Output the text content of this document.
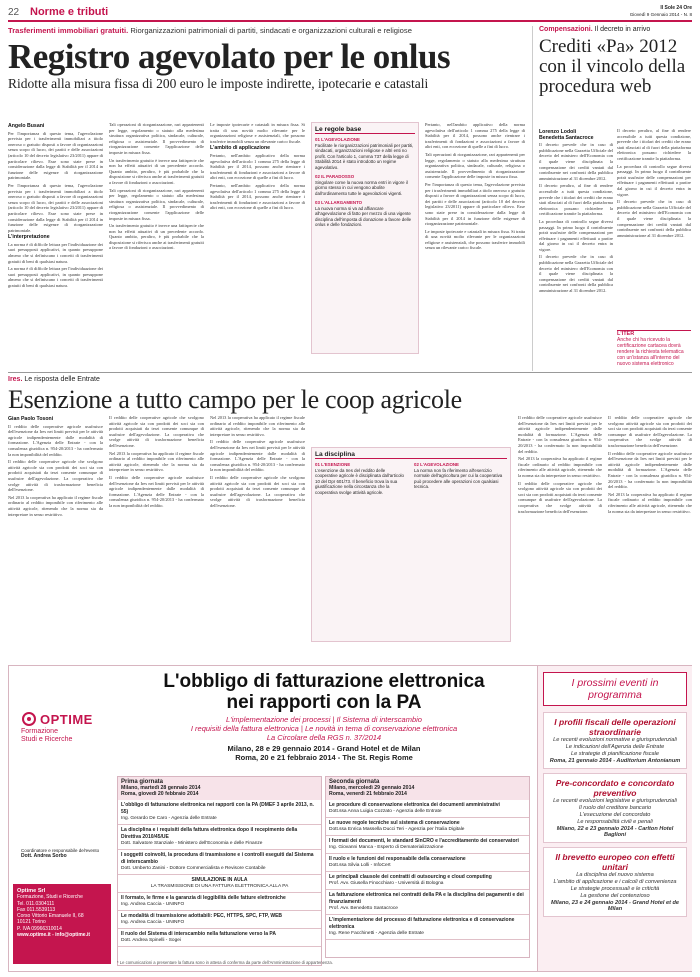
22 Norme e tributi	Il Sole 24 Ore
Giovedì 9 Gennaio 2014 - N. 8
Trasferimenti immobiliari gratuiti. Riorganizzazioni patrimoniali di partiti, sindacati e organizzazioni culturali e religiose
Registro agevolato per le onlus
Ridotte alla misura fissa di 200 euro le imposte indirette, ipotecarie e catastali
Angelo Busani

Per l'importanza di questo tema, l'agevolazione prevista per i trasferimenti immobiliari a titolo oneroso o gratuito disposti a favore di organizzazioni senza scopo di lucro, dei partiti e delle associazioni (articolo 10 del decreto legislativo 23/2011) appare di particolare rilievo. Esse sono state prese in considerazione dalla legge di Stabilità per il 2014 in funzione delle esigenze di riorganizzazione patrimoniale.

Per l'importanza di questo tema, l'agevolazione prevista per i trasferimenti immobiliari a titolo oneroso o gratuito disposti a favore di organizzazioni senza scopo di lucro, dei partiti e delle associazioni (articolo 10 del decreto legislativo 23/2011) appare di particolare rilievo. Esse sono state prese in considerazione dalla legge di Stabilità per il 2014 in funzione delle esigenze di riorganizzazione patrimoniale.

L'interpretazione

La norma è di difficile lettura per l'individuazione dei suoi presupposti applicativi, in quanto presuppone almeno che si definiscano i concetti di trasferimenti gratuiti di beni di qualsiasi natura.

La norma è di difficile lettura per l'individuazione dei suoi presupposti applicativi, in quanto presuppone almeno che si definiscano i concetti di trasferimenti gratuiti di beni di qualsiasi natura.

Tali operazioni di riorganizzazione, rari appartenenti per legge, regolamento o statuto alla medesima struttura organizzativa politica, sindacale, culturale, religiosa o assistenziale. Il provvedimento di riorganizzazione consente l'applicazione delle imposte in misura fissa.

Un trasferimento gratuito è invece una fattispecie che non ha effetti attuativi di un precedente accordo. Quanto ambito, peraltro, è più probabile che la disposizione si riferisca anche ai trasferimenti gratuiti a favore di fondazioni o associazioni.

Tali operazioni di riorganizzazione, rari appartenenti per legge, regolamento o statuto alla medesima struttura organizzativa politica, sindacale, culturale, religiosa o assistenziale. Il provvedimento di riorganizzazione consente l'applicazione delle imposte in misura fissa.

Un trasferimento gratuito è invece una fattispecie che non ha effetti attuativi di un precedente accordo. Quanto ambito, peraltro, è più probabile che la disposizione si riferisca anche ai trasferimenti gratuiti a favore di fondazioni o associazioni.

Le imposte ipotecarie e catastali in misura fissa. Si tratta di una novità molto rilevante per le organizzazioni religiose e assistenziali, che possono trasferire immobili senza un rilevante carico fiscale.

L'ambito di applicazione

Pertanto, nell'ambito applicativo della norma agevolativa dell'articolo 1 comma 275 della legge di Stabilità per il 2014, possono anche rientrare i trasferimenti di fondazioni e associazioni a favore di altri enti, con eccezione di quelle a fini di lucro.

Pertanto, nell'ambito applicativo della norma agevolativa dell'articolo 1 comma 275 della legge di Stabilità per il 2014, possono anche rientrare i trasferimenti di fondazioni e associazioni a favore di altri enti, con eccezione di quelle a fini di lucro.

Le regole base
01 L'AGEVOLAZIONE
Facilitate le riorganizzazioni patrimoniali per partiti, sindacati, organizzazioni religiose e altri enti no profit. Con l'articolo 1, comma 737 della legge di Stabilità 2014 è stato introdotto un regime agevolativo.
02 IL PARADOSSO
Singolare come la nuova norma entri in vigore il giorno stesso in cui vengono abolite dall'ordinamento tutte le agevolazioni vigenti.
03 L'ALLARGAMENTO
La nuova norma si va ad affiancare all'agevolazione di fatto per mezzo di una vigente disciplina dell'imposta di donazione a favore delle onlus e delle fondazioni.

Pertanto, nell'ambito applicativo della norma agevolativa dell'articolo 1 comma 275 della legge di Stabilità per il 2014, possono anche rientrare i trasferimenti di fondazioni e associazioni a favore di altri enti, con eccezione di quelle a fini di lucro.

Tali operazioni di riorganizzazione, rari appartenenti per legge, regolamento o statuto alla medesima struttura organizzativa politica, sindacale, culturale, religiosa o assistenziale. Il provvedimento di riorganizzazione consente l'applicazione delle imposte in misura fissa.

Per l'importanza di questo tema, l'agevolazione prevista per i trasferimenti immobiliari a titolo oneroso o gratuito disposti a favore di organizzazioni senza scopo di lucro, dei partiti e delle associazioni (articolo 10 del decreto legislativo 23/2011) appare di particolare rilievo. Esse sono state prese in considerazione dalla legge di Stabilità per il 2014 in funzione delle esigenze di riorganizzazione patrimoniale.

Le imposte ipotecarie e catastali in misura fissa. Si tratta di una novità molto rilevante per le organizzazioni religiose e assistenziali, che possono trasferire immobili senza un rilevante carico fiscale.

Compensazioni. Il decreto in arrivo
Crediti «Pa» 2012 con il vincolo della procedura web
Lorenzo Lodoli
Benedetta Santacroce

Il decreto prevede che in caso di pubblicazione nella Gazzetta Ufficiale del decreto del ministero dell'Economia con il quale viene disciplinata la compensazione dei crediti vantati dal contribuente nei confronti della pubblica amministrazione al 31 dicembre 2012.

Il decreto peraltro, al fine di rendere accessibile a tutti questa condizione, prevede che i titolari dei crediti che erano stati rilasciati al di fuori della piattaforma elettronica possano richiedere la certificazione tramite la piattaforma.

La procedura di controllo segue diversi passaggi. In primo luogo il contribuente potrà usufruire delle compensazioni per effettuare i pagamenti effettuati a partire dal giorno in cui il decreto entra in vigore.

Il decreto prevede che in caso di pubblicazione nella Gazzetta Ufficiale del decreto del ministero dell'Economia con il quale viene disciplinata la compensazione dei crediti vantati dal contribuente nei confronti della pubblica amministrazione al 31 dicembre 2012.

Il decreto peraltro, al fine di rendere accessibile a tutti questa condizione, prevede che i titolari dei crediti che erano stati rilasciati al di fuori della piattaforma elettronica possano richiedere la certificazione tramite la piattaforma.

La procedura di controllo segue diversi passaggi. In primo luogo il contribuente potrà usufruire delle compensazioni per effettuare i pagamenti effettuati a partire dal giorno in cui il decreto entra in vigore.

Il decreto prevede che in caso di pubblicazione nella Gazzetta Ufficiale del decreto del ministero dell'Economia con il quale viene disciplinata la compensazione dei crediti vantati dal contribuente nei confronti della pubblica amministrazione al 31 dicembre 2012.

L'ITER
Anche chi ha ricevuto la certificazione cartacea dovrà rendere la richiesta telematica con un'istanza all'interno del nuovo sistema elettronico
Ires. Le risposta delle Entrate
Esenzione a tutto campo per le coop agricole
Gian Paolo Tosoni

Il reddito delle cooperative agricole usufruisce dell'esenzione da Ires nei limiti previsti per le attività agricole indipendentemente dalle modalità di formazione. L'Agenzia delle Entrate - con la consulenza giuridica n. 954-20/2013 - ha confermato la non imponibilità del reddito.

Il reddito delle cooperative agricole che svolgono attività agricole sia con prodotti dei soci sia con prodotti acquistati da terzi consente comunque di usufruire dell'agevolazione. La cooperativa che svolge attività di trasformazione beneficia dell'esenzione.

Nel 2013 la cooperativa ha applicato il regime fiscale ordinario al reddito imponibile con riferimento alle attività agricole, ritenendo che la norma sia da interpretare in senso restrittivo.

Il reddito delle cooperative agricole che svolgono attività agricole sia con prodotti dei soci sia con prodotti acquistati da terzi consente comunque di usufruire dell'agevolazione. La cooperativa che svolge attività di trasformazione beneficia dell'esenzione.

Nel 2013 la cooperativa ha applicato il regime fiscale ordinario al reddito imponibile con riferimento alle attività agricole, ritenendo che la norma sia da interpretare in senso restrittivo.

Il reddito delle cooperative agricole usufruisce dell'esenzione da Ires nei limiti previsti per le attività agricole indipendentemente dalle modalità di formazione. L'Agenzia delle Entrate - con la consulenza giuridica n. 954-20/2013 - ha confermato la non imponibilità del reddito.

Nel 2013 la cooperativa ha applicato il regime fiscale ordinario al reddito imponibile con riferimento alle attività agricole, ritenendo che la norma sia da interpretare in senso restrittivo.

Il reddito delle cooperative agricole usufruisce dell'esenzione da Ires nei limiti previsti per le attività agricole indipendentemente dalle modalità di formazione. L'Agenzia delle Entrate - con la consulenza giuridica n. 954-20/2013 - ha confermato la non imponibilità del reddito.

Il reddito delle cooperative agricole che svolgono attività agricole sia con prodotti dei soci sia con prodotti acquistati da terzi consente comunque di usufruire dell'agevolazione. La cooperativa che svolge attività di trasformazione beneficia dell'esenzione.

La disciplina
01 L'ESENZIONE
L'esenzione da Ires del reddito delle cooperative agricole è disciplinata dall'articolo 10 del Dpr 601/73. Il beneficio trova la sua giustificazione nella circostanza che la cooperativa svolge attività agricole.
02 L'AGEVOLAZIONE
La norma non fa riferimento all'esercizio normale dell'agricoltura per cui la cooperativa può procedere alle operazioni con qualsiasi tecnica.

Il reddito delle cooperative agricole usufruisce dell'esenzione da Ires nei limiti previsti per le attività agricole indipendentemente dalle modalità di formazione. L'Agenzia delle Entrate - con la consulenza giuridica n. 954-20/2013 - ha confermato la non imponibilità del reddito.

Nel 2013 la cooperativa ha applicato il regime fiscale ordinario al reddito imponibile con riferimento alle attività agricole, ritenendo che la norma sia da interpretare in senso restrittivo.

Il reddito delle cooperative agricole che svolgono attività agricole sia con prodotti dei soci sia con prodotti acquistati da terzi consente comunque di usufruire dell'agevolazione. La cooperativa che svolge attività di trasformazione beneficia dell'esenzione.

Il reddito delle cooperative agricole che svolgono attività agricole sia con prodotti dei soci sia con prodotti acquistati da terzi consente comunque di usufruire dell'agevolazione. La cooperativa che svolge attività di trasformazione beneficia dell'esenzione.

Il reddito delle cooperative agricole usufruisce dell'esenzione da Ires nei limiti previsti per le attività agricole indipendentemente dalle modalità di formazione. L'Agenzia delle Entrate - con la consulenza giuridica n. 954-20/2013 - ha confermato la non imponibilità del reddito.

Nel 2013 la cooperativa ha applicato il regime fiscale ordinario al reddito imponibile con riferimento alle attività agricole, ritenendo che la norma sia da interpretare in senso restrittivo.

L'obbligo di fatturazione elettronica
nei rapporti con la PA
L'implementazione dei processi | Il Sistema di interscambio
I requisiti della fattura elettronica | Le novità in tema di conservazione elettronica
La Circolare della RGS n. 37/2014
Milano, 28 e 29 gennaio 2014 - Grand Hotel et de Milan
Roma, 20 e 21 febbraio 2014 - The St. Regis Rome
OPTIME
Formazione
Studi e Ricerche
Coordinatore e responsabile del'evento
Dott. Andrea Sorbo
Optime Srl
Formazione, Studi e Ricerche
Tel. 011.0304111
Fax 011.5539113
Corso Vittorio Emanuele II, 68
10121 Torino
P. IVA 09966310014
www.optime.it - info@optime.it
Prima giornata
Milano, martedì 28 gennaio 2014
Roma, giovedì 20 febbraio 2014
L'obbligo di fatturazione elettronica nei rapporti con la PA (DMEF 3 aprile 2013, n. 55)
Ing. Gerardo De Caro - Agenzia delle Entrate
La disciplina e i requisiti della fattura elettronica dopo il recepimento della Direttiva 2010/45/UE
Dott. Salvatore Stanziale - Ministero dell'Economia e delle Finanze
I soggetti coinvolti, la procedura di trasmissione e i controlli eseguiti dal Sistema di interscambio
Dott. Umberto Zanini - Dottore Commercialista e Revisore Contabile
SIMULAZIONE IN AULA
LA TRASMISSIONE DI UNA FATTURA ELETTRONICA ALLA PA
Il formato, le firme e la garanzia di leggibilità delle fatture elettroniche
Ing. Andrea Caccia - UNINFO
Le modalità di trasmissione adottabili: PEC, HTTPS, SPC, FTP, WEB
Ing. Andrea Caccia - UNINFO
Il ruolo del Sistema di interscambio nella fatturazione verso la PA
Dott. Andrea Spinelli - Sogei
Seconda giornata
Milano, mercoledì 29 gennaio 2014
Roma, venerdì 21 febbraio 2014
Le procedure di conservazione elettronica dei documenti amministrativi
Dott.ssa Anna Luigia Cozzato - Agenzia delle Entrate
Le nuove regole tecniche sul sistema di conservazione
Dott.ssa Enrica Massella Ducci Teri - Agenzia per l'Italia Digitale
I formati dei documenti, le standard SinCRO e l'accreditamento dei conservatori
Ing. Giovanni Manca - Esperto di Dematerializzazione
Il ruolo e le funzioni del responsabile della conservazione
Dott.ssa Silvia Lolli - InfoCert
Le principali clausole dei contratti di outsourcing e cloud computing
Prof. Avv. Giusella Finocchiaro - Università di Bologna
La fatturazione elettronica nei contratti della PA e la disciplina dei pagamenti e dei finanziamenti
Prof. Avv. Benedetto Santacroce
L'implementazione del processo di fatturazione elettronica e di conservazione elettronica
Ing. Rene Facchinetti - Agenzia delle Entrate
* Le comunicazioni a presentare la fattura sono in attesa di conferma da parte dell'Amministrazione di appartenenza.
I prossimi eventi in programma
I profili fiscali delle operazioni straordinarie
Le recenti evoluzioni normative e giurisprudenziali
Le indicazioni dell'Agenzia delle Entrate
Le strategie di pianificazione fiscale
Roma, 21 gennaio 2014 - Auditorium Antonianum
Pre-concordato e concordato preventivo
Le recenti evoluzioni legislative e giurisprudenziali
Il ruolo del creditore bancario
L'esecuzione del concordato
Le responsabilità civili e penali
Milano, 22 e 23 gennaio 2014 - Carlton Hotel Baglioni
Il brevetto europeo con effetti unitari
La disciplina del nuovo sistema
L'ambito di applicazione e i calcoli di convenienza
Le strategie processuali e le criticità
La gestione del contenzioso
Milano, 23 e 24 gennaio 2014 - Grand Hotel et de Milan
